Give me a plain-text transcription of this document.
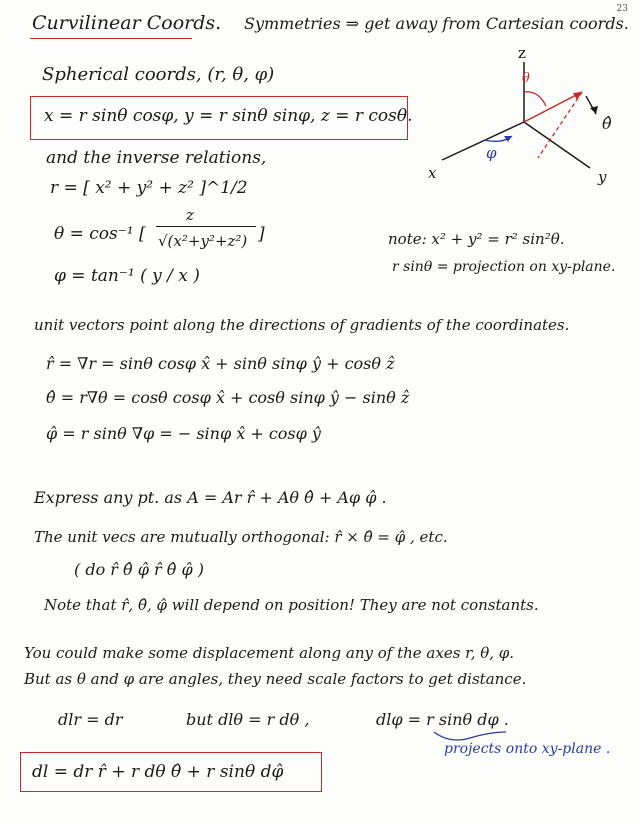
23
Curvilinear Coords. Symmetries ⇒ get away from Cartesian coords.
Spherical coords, (r, θ, φ)
x = r sinθ cosφ, y = r sinθ sinφ, z = r cosθ.
and the inverse relations,
r = [ x² + y² + z² ]^1/2
θ = cos⁻¹ [
z
√(x²+y²+z²) ]
φ = tan⁻¹ ( y / x )
note: x² + y² = r² sin²θ.
r sinθ = projection on xy-plane.
z
θ
θ̂
φ
x	y
unit vectors point along the directions of gradients of the coordinates.
r̂ = ∇r = sinθ cosφ x̂ + sinθ sinφ ŷ + cosθ ẑ
θ̂ = r∇θ = cosθ cosφ x̂ + cosθ sinφ ŷ − sinθ ẑ
φ̂ = r sinθ ∇φ = − sinφ x̂ + cosφ ŷ
Express any pt. as A = Ar r̂ + Aθ θ̂ + Aφ φ̂ .
The unit vecs are mutually orthogonal: r̂ × θ̂ = φ̂ , etc.
( do r̂ θ̂ φ̂ r̂ θ̂ φ̂ )
Note that r̂, θ̂, φ̂ will depend on position! They are not constants.
You could make some displacement along any of the axes r, θ, φ.
But as θ and φ are angles, they need scale factors to get distance.
dlr = dr	but dlθ = r dθ ,	dlφ = r sinθ dφ .
projects onto xy-plane .
dl = dr r̂ + r dθ θ̂ + r sinθ dφ̂
